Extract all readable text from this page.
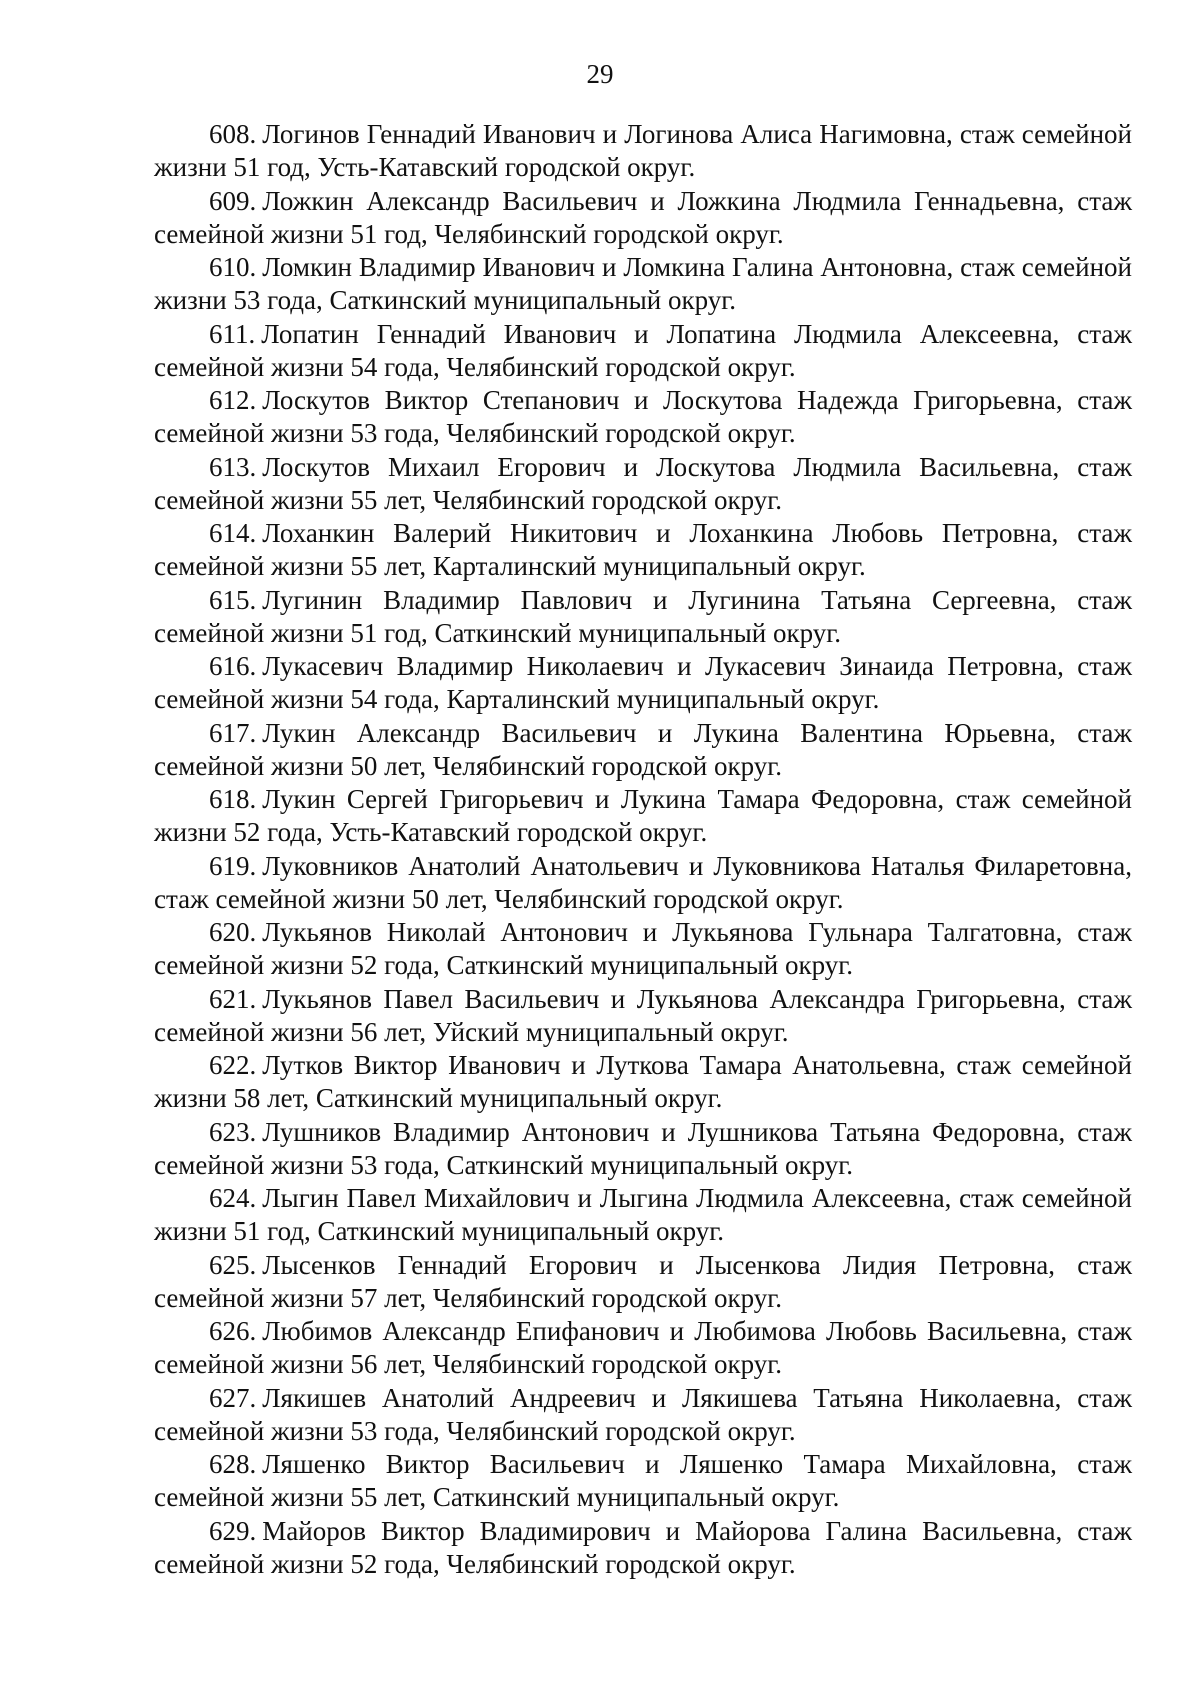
29

608. Логинов Геннадий Иванович и Логинова Алиса Нагимовна, стаж семейной жизни 51 год, Усть-Катавский городской округ.

609. Ложкин Александр Васильевич и Ложкина Людмила Геннадьевна, стаж семейной жизни 51 год, Челябинский городской округ.

610. Ломкин Владимир Иванович и Ломкина Галина Антоновна, стаж семейной жизни 53 года, Саткинский муниципальный округ.

611. Лопатин Геннадий Иванович и Лопатина Людмила Алексеевна, стаж семейной жизни 54 года, Челябинский городской округ.

612. Лоскутов Виктор Степанович и Лоскутова Надежда Григорьевна, стаж семейной жизни 53 года, Челябинский городской округ.

613. Лоскутов Михаил Егорович и Лоскутова Людмила Васильевна, стаж семейной жизни 55 лет, Челябинский городской округ.

614. Лоханкин Валерий Никитович и Лоханкина Любовь Петровна, стаж семейной жизни 55 лет, Карталинский муниципальный округ.

615. Лугинин Владимир Павлович и Лугинина Татьяна Сергеевна, стаж семейной жизни 51 год, Саткинский муниципальный округ.

616. Лукасевич Владимир Николаевич и Лукасевич Зинаида Петровна, стаж семейной жизни 54 года, Карталинский муниципальный округ.

617. Лукин Александр Васильевич и Лукина Валентина Юрьевна, стаж семейной жизни 50 лет, Челябинский городской округ.

618. Лукин Сергей Григорьевич и Лукина Тамара Федоровна, стаж семейной жизни 52 года, Усть-Катавский городской округ.

619. Луковников Анатолий Анатольевич и Луковникова Наталья Филаретовна, стаж семейной жизни 50 лет, Челябинский городской округ.

620. Лукьянов Николай Антонович и Лукьянова Гульнара Талгатовна, стаж семейной жизни 52 года, Саткинский муниципальный округ.

621. Лукьянов Павел Васильевич и Лукьянова Александра Григорьевна, стаж семейной жизни 56 лет, Уйский муниципальный округ.

622. Лутков Виктор Иванович и Луткова Тамара Анатольевна, стаж семейной жизни 58 лет, Саткинский муниципальный округ.

623. Лушников Владимир Антонович и Лушникова Татьяна Федоровна, стаж семейной жизни 53 года, Саткинский муниципальный округ.

624. Лыгин Павел Михайлович и Лыгина Людмила Алексеевна, стаж семейной жизни 51 год, Саткинский муниципальный округ.

625. Лысенков Геннадий Егорович и Лысенкова Лидия Петровна, стаж семейной жизни 57 лет, Челябинский городской округ.

626. Любимов Александр Епифанович и Любимова Любовь Васильевна, стаж семейной жизни 56 лет, Челябинский городской округ.

627. Лякишев Анатолий Андреевич и Лякишева Татьяна Николаевна, стаж семейной жизни 53 года, Челябинский городской округ.

628. Ляшенко Виктор Васильевич и Ляшенко Тамара Михайловна, стаж семейной жизни 55 лет, Саткинский муниципальный округ.

629. Майоров Виктор Владимирович и Майорова Галина Васильевна, стаж семейной жизни 52 года, Челябинский городской округ.
